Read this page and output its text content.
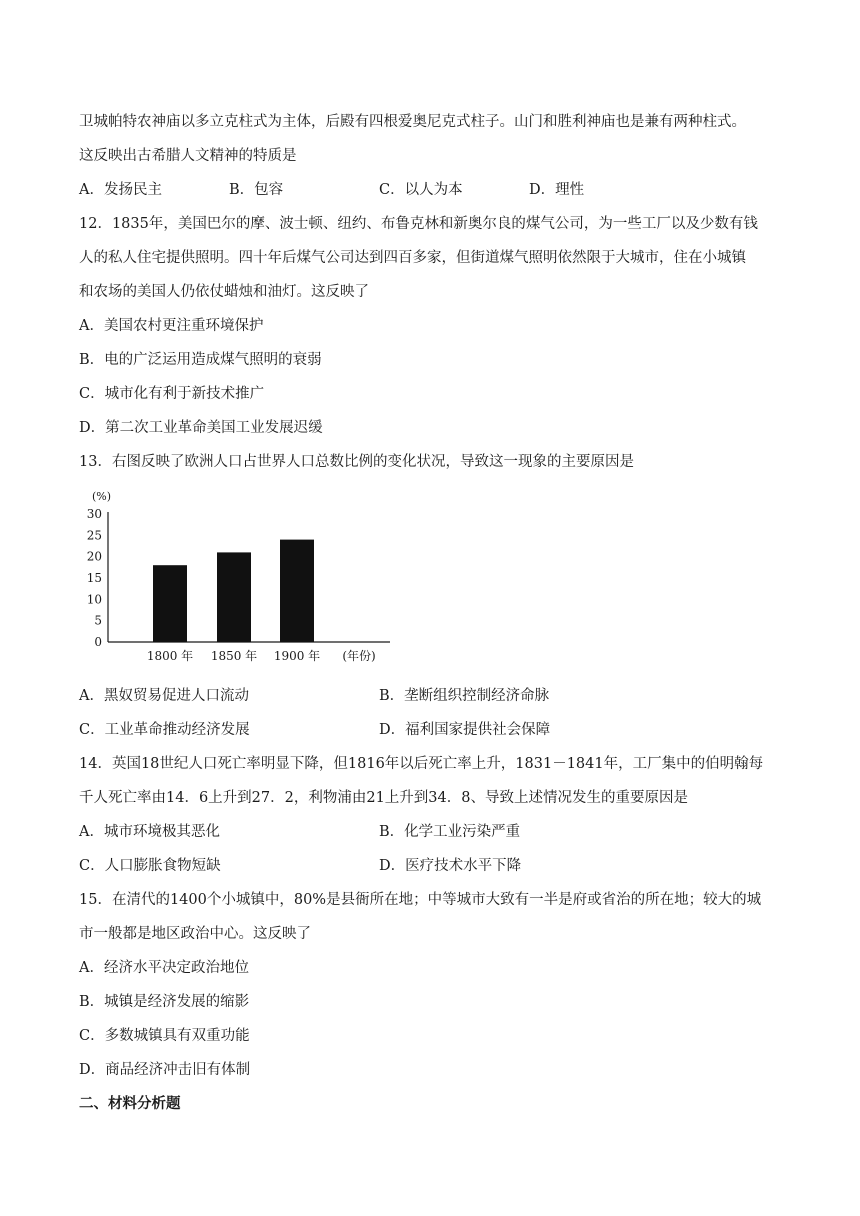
卫城帕特农神庙以多立克柱式为主体，后殿有四根爱奥尼克式柱子。山门和胜利神庙也是兼有两种柱式。
这反映出古希腊人文精神的特质是
A．发扬民主	B．包容	C．以人为本	D．理性
12．1835年，美国巴尔的摩、波士顿、纽约、布鲁克林和新奥尔良的煤气公司，为一些工厂以及少数有钱
人的私人住宅提供照明。四十年后煤气公司达到四百多家，但街道煤气照明依然限于大城市，住在小城镇
和农场的美国人仍依仗蜡烛和油灯。这反映了
A．美国农村更注重环境保护
B．电的广泛运用造成煤气照明的衰弱
C．城市化有利于新技术推广
D．第二次工业革命美国工业发展迟缓
13．右图反映了欧洲人口占世界人口总数比例的变化状况，导致这一现象的主要原因是
(%)
0
5
10
15
20
25
30
1800 年 1850 年 1900 年 (年份)
A．黑奴贸易促进人口流动	B．垄断组织控制经济命脉
C．工业革命推动经济发展	D．福利国家提供社会保障
14．英国18世纪人口死亡率明显下降，但1816年以后死亡率上升，1831－1841年，工厂集中的伯明翰每
千人死亡率由14．6上升到27．2，利物浦由21上升到34．8、导致上述情况发生的重要原因是
A．城市环境极其恶化	B．化学工业污染严重
C．人口膨胀食物短缺	D．医疗技术水平下降
15．在清代的1400个小城镇中，80%是县衙所在地；中等城市大致有一半是府或省治的所在地；较大的城
市一般都是地区政治中心。这反映了
A．经济水平决定政治地位
B．城镇是经济发展的缩影
C．多数城镇具有双重功能
D．商品经济冲击旧有体制
二、材料分析题
